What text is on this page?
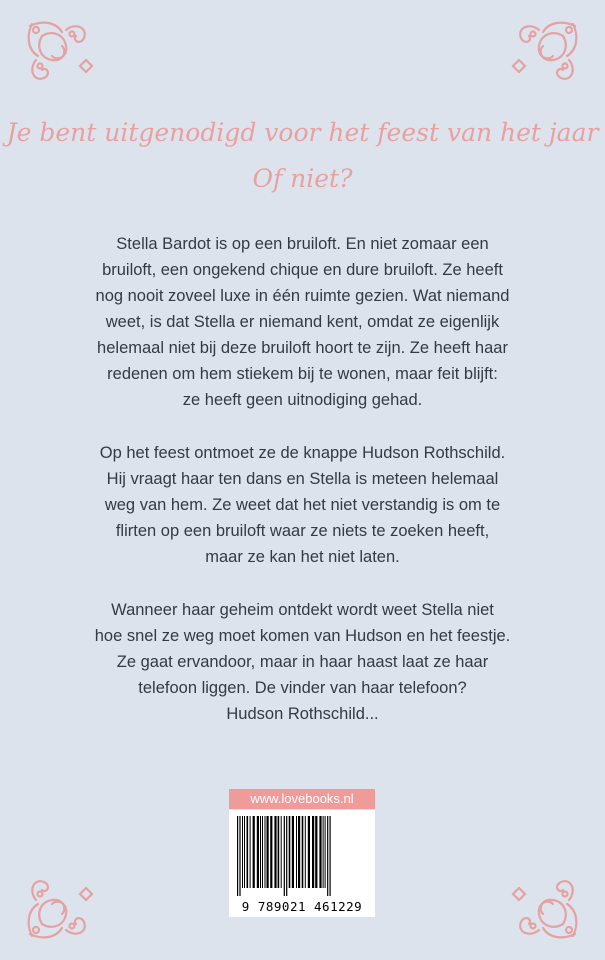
Je bent uitgenodigd voor het feest van het jaar
Of niet?

Stella Bardot is op een bruiloft. En niet zomaar een
bruiloft, een ongekend chique en dure bruiloft. Ze heeft
nog nooit zoveel luxe in één ruimte gezien. Wat niemand
weet, is dat Stella er niemand kent, omdat ze eigenlijk
helemaal niet bij deze bruiloft hoort te zijn. Ze heeft haar
redenen om hem stiekem bij te wonen, maar feit blijft:
ze heeft geen uitnodiging gehad.

Op het feest ontmoet ze de knappe Hudson Rothschild.
Hij vraagt haar ten dans en Stella is meteen helemaal
weg van hem. Ze weet dat het niet verstandig is om te
flirten op een bruiloft waar ze niets te zoeken heeft,
maar ze kan het niet laten.

Wanneer haar geheim ontdekt wordt weet Stella niet
hoe snel ze weg moet komen van Hudson en het feestje.
Ze gaat ervandoor, maar in haar haast laat ze haar
telefoon liggen. De vinder van haar telefoon?
Hudson Rothschild...

www.lovebooks.nl
9 789021 461229
